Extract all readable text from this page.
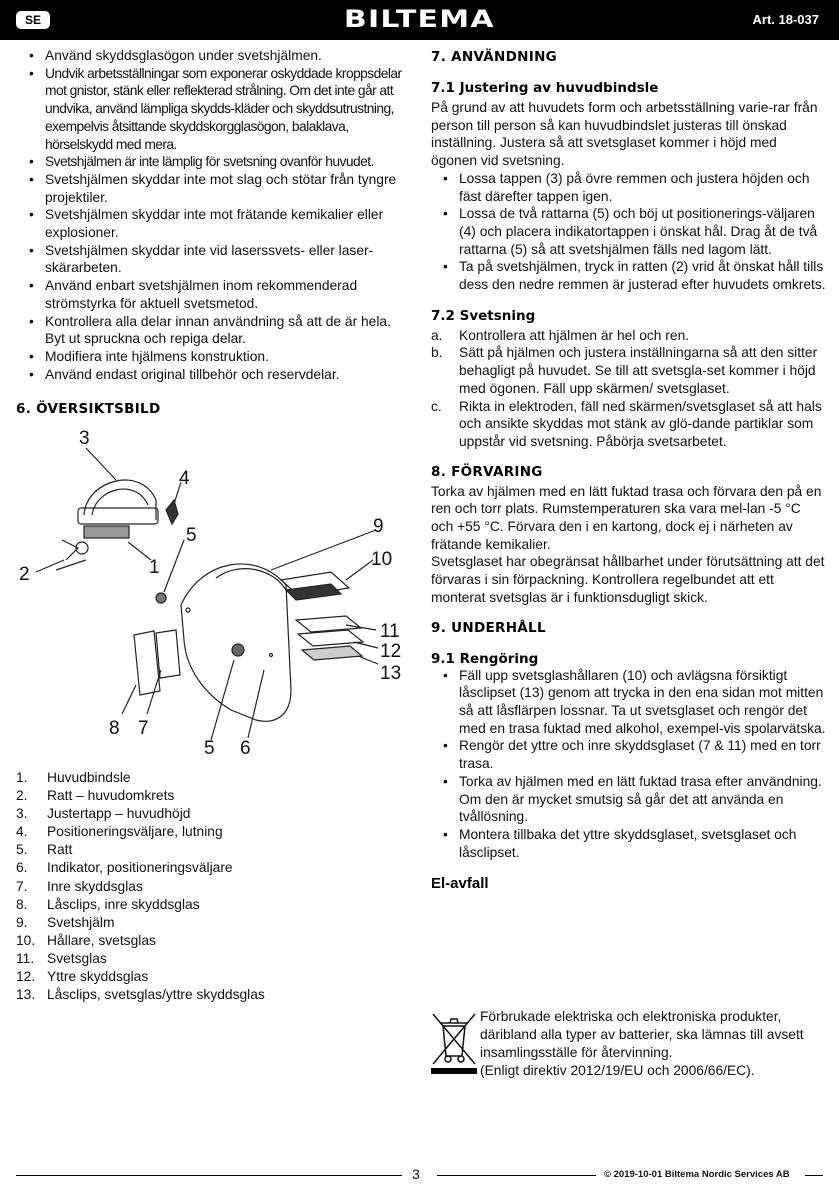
SE	BILTEMA	Art. 18-037
• Använd skyddsglasögon under svetshjälmen.
• Undvik arbetsställningar som exponerar oskyddade kroppsdelar mot gnistor, stänk eller reflekterad strålning. Om det inte går att undvika, använd lämpliga skydds-kläder och skyddsutrustning, exempelvis åtsittande skyddskorgglasögon, balaklava, hörselskydd med mera.
• Svetshjälmen är inte lämplig för svetsning ovanför huvudet.
• Svetshjälmen skyddar inte mot slag och stötar från tyngre projektiler.
• Svetshjälmen skyddar inte mot frätande kemikalier eller explosioner.
• Svetshjälmen skyddar inte vid laserssvets- eller laser-skärarbeten.
• Använd enbart svetshjälmen inom rekommenderad strömstyrka för aktuell svetsmetod.
• Kontrollera alla delar innan användning så att de är hela. Byt ut spruckna och repiga delar.
• Modifiera inte hjälmens konstruktion.
• Använd endast original tillbehör och reservdelar.
6. ÖVERSIKTSBILD
1
2
3
4
5
6
7
8
9
10
11
12
13
5
1. Huvudbindsle
2. Ratt – huvudomkrets
3. Justertapp – huvudhöjd
4. Positioneringsväljare, lutning
5. Ratt
6. Indikator, positioneringsväljare
7. Inre skyddsglas
8. Låsclips, inre skyddsglas
9. Svetshjälm
10. Hållare, svetsglas
11. Svetsglas
12. Yttre skyddsglas
13. Låsclips, svetsglas/yttre skyddsglas
7. ANVÄNDNING
7.1 Justering av huvudbindsle

På grund av att huvudets form och arbetsställning varie-rar från person till person så kan huvudbindslet justeras till önskad inställning. Justera så att svetsglaset kommer i höjd med ögonen vid svetsning.

• Lossa tappen (3) på övre remmen och justera höjden och fäst därefter tappen igen.
• Lossa de två rattarna (5) och böj ut positionerings-väljaren (4) och placera indikatortappen i önskat hål. Drag åt de två rattarna (5) så att svetshjälmen fälls ned lagom lätt.
• Ta på svetshjälmen, tryck in ratten (2) vrid åt önskat håll tills dess den nedre remmen är justerad efter huvudets omkrets.
7.2 Svetsning
a. Kontrollera att hjälmen är hel och ren.
b. Sätt på hjälmen och justera inställningarna så att den sitter behagligt på huvudet. Se till att svetsgla-set kommer i höjd med ögonen. Fäll upp skärmen/ svetsglaset.
c. Rikta in elektroden, fäll ned skärmen/svetsglaset så att hals och ansikte skyddas mot stänk av glö-dande partiklar som uppstår vid svetsning. Påbörja svetsarbetet.
8. FÖRVARING

Torka av hjälmen med en lätt fuktad trasa och förvara den på en ren och torr plats. Rumstemperaturen ska vara mel-lan -5 °C och +55 °C. Förvara den i en kartong, dock ej i närheten av frätande kemikalier.

Svetsglaset har obegränsat hållbarhet under förutsättning att det förvaras i sin förpackning. Kontrollera regelbundet att ett monterat svetsglas är i funktionsdugligt skick.

9. UNDERHÅLL
9.1 Rengöring
• Fäll upp svetsglashållaren (10) och avlägsna försiktigt låsclipset (13) genom att trycka in den ena sidan mot mitten så att låsflärpen lossnar. Ta ut svetsglaset och rengör det med en trasa fuktad med alkohol, exempel-vis spolarvätska.
• Rengör det yttre och inre skyddsglaset (7 & 11) med en torr trasa.
• Torka av hjälmen med en lätt fuktad trasa efter användning. Om den är mycket smutsig så går det att använda en tvållösning.
• Montera tillbaka det yttre skyddsglaset, svetsglaset och låsclipset.
El-avfall
Förbrukade elektriska och elektroniska produkter, däribland alla typer av batterier, ska lämnas till avsett insamlingsställe för återvinning.
(Enligt direktiv 2012/19/EU och 2006/66/EC).
3	© 2019-10-01 Biltema Nordic Services AB
